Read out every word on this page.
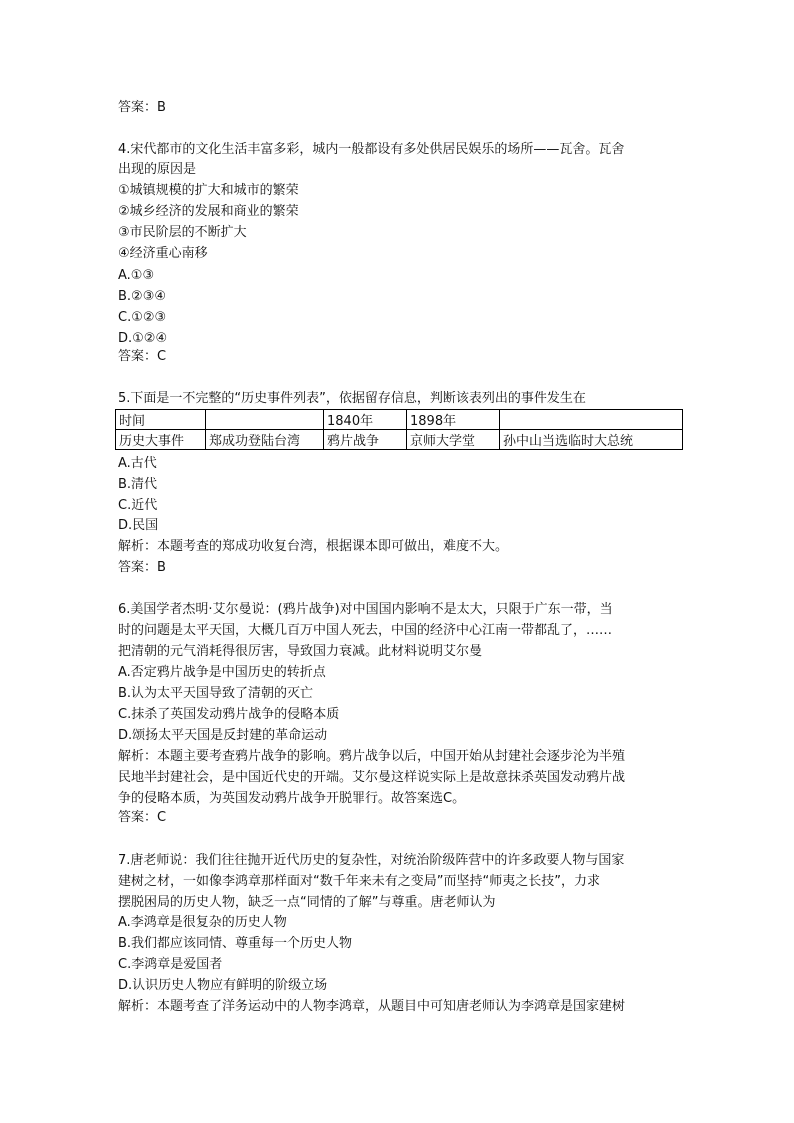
答案：B
4.宋代都市的文化生活丰富多彩，城内一般都设有多处供居民娱乐的场所——瓦舍。瓦舍
出现的原因是
①城镇规模的扩大和城市的繁荣
②城乡经济的发展和商业的繁荣
③市民阶层的不断扩大
④经济重心南移
A.①③
B.②③④
C.①②③
D.①②④
答案：C
5.下面是一不完整的“历史事件列表”，依据留存信息，判断该表列出的事件发生在
时间		1840年	1898年	
历史大事件	郑成功登陆台湾	鸦片战争	京师大学堂	孙中山当选临时大总统
A.古代
B.清代
C.近代
D.民国
解析：本题考查的郑成功收复台湾，根据课本即可做出，难度不大。
答案：B
6.美国学者杰明·艾尔曼说：(鸦片战争)对中国国内影响不是太大，只限于广东一带，当
时的问题是太平天国，大概几百万中国人死去，中国的经济中心江南一带都乱了，……
把清朝的元气消耗得很厉害，导致国力衰减。此材料说明艾尔曼
A.否定鸦片战争是中国历史的转折点
B.认为太平天国导致了清朝的灭亡
C.抹杀了英国发动鸦片战争的侵略本质
D.颂扬太平天国是反封建的革命运动
解析：本题主要考查鸦片战争的影响。鸦片战争以后，中国开始从封建社会逐步沦为半殖
民地半封建社会，是中国近代史的开端。艾尔曼这样说实际上是故意抹杀英国发动鸦片战
争的侵略本质，为英国发动鸦片战争开脱罪行。故答案选C。
答案：C
7.唐老师说：我们往往抛开近代历史的复杂性，对统治阶级阵营中的许多政要人物与国家
建树之材，一如像李鸿章那样面对“数千年来未有之变局”而坚持“师夷之长技”，力求
摆脱困局的历史人物，缺乏一点“同情的了解”与尊重。唐老师认为
A.李鸿章是很复杂的历史人物
B.我们都应该同情、尊重每一个历史人物
C.李鸿章是爱国者
D.认识历史人物应有鲜明的阶级立场
解析：本题考查了洋务运动中的人物李鸿章，从题目中可知唐老师认为李鸿章是国家建树
